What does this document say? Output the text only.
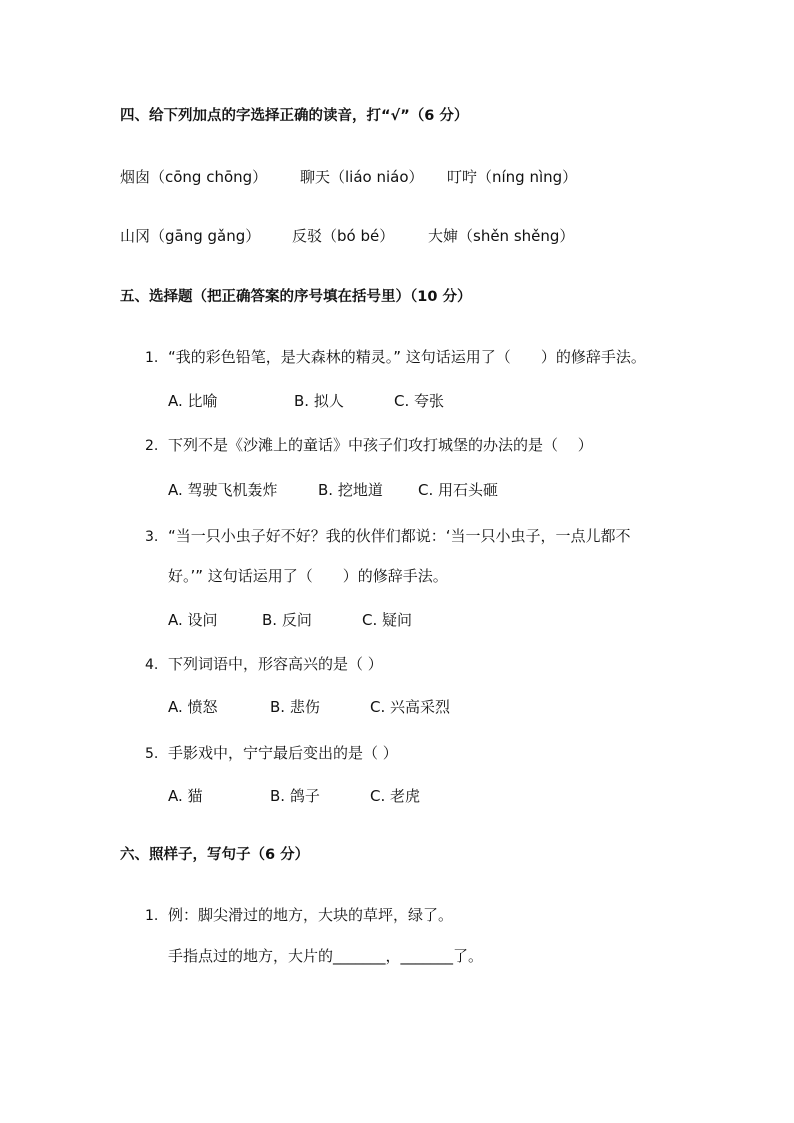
四、给下列加点的字选择正确的读音，打“√”（6 分）
烟囱（cōng chōng） 聊天（liáo niáo） 叮咛（níng nìng）
山冈（gāng gǎng） 反驳（bó bé） 大婶（shěn shěng）
五、选择题（把正确答案的序号填在括号里）（10 分）
1. “我的彩色铅笔，是大森林的精灵。” 这句话运用了（　　）的修辞手法。
A. 比喻	B. 拟人	C. 夸张
2. 下列不是《沙滩上的童话》中孩子们攻打城堡的办法的是（　 ）
A. 驾驶飞机轰炸	B. 挖地道 C. 用石头砸
3. “当一只小虫子好不好？我的伙伴们都说：‘当一只小虫子，一点儿都不
好。’” 这句话运用了（　　）的修辞手法。
A. 设问	B. 反问	C. 疑问
4. 下列词语中，形容高兴的是（ ）
A. 愤怒	B. 悲伤	C. 兴高采烈
5. 手影戏中，宁宁最后变出的是（ ）
A. 猫	B. 鸽子	C. 老虎
六、照样子，写句子（6 分）
1. 例：脚尖滑过的地方，大块的草坪，绿了。
手指点过的地方，大片的_______，_______了。
